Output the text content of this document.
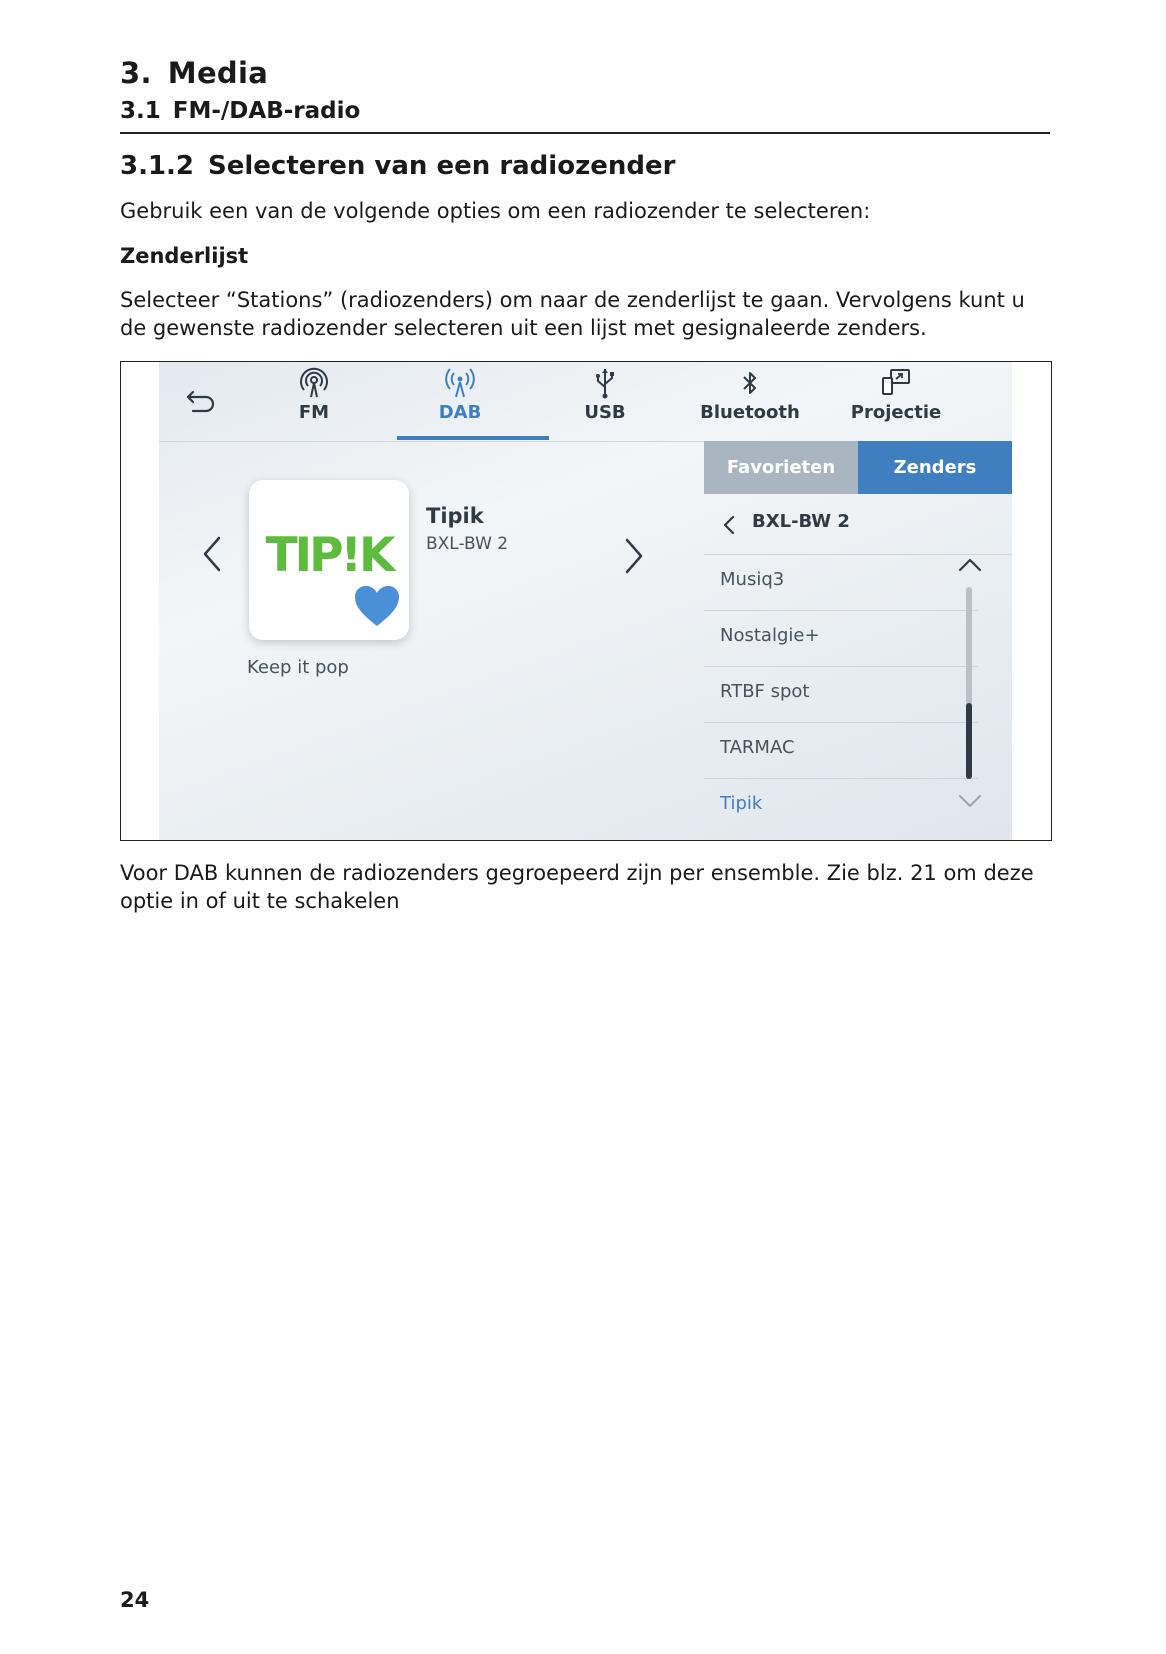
3. Media
3.1 FM-/DAB-radio
3.1.2 Selecteren van een radiozender
Gebruik een van de volgende opties om een radiozender te selecteren:
Zenderlijst
Selecteer “Stations” (radiozenders) om naar de zenderlijst te gaan. Vervolgens kunt u de gewenste radiozender selecteren uit een lijst met gesignaleerde zenders.
FM	DAB	USB	Bluetooth	Projectie
TIP!K
Tipik
BXL-BW 2
Keep it pop
Favorieten	Zenders
BXL-BW 2
Musiq3
Nostalgie+
RTBF spot
TARMAC
Tipik
Voor DAB kunnen de radiozenders gegroepeerd zijn per ensemble. Zie blz. 21 om deze optie in of uit te schakelen
24
